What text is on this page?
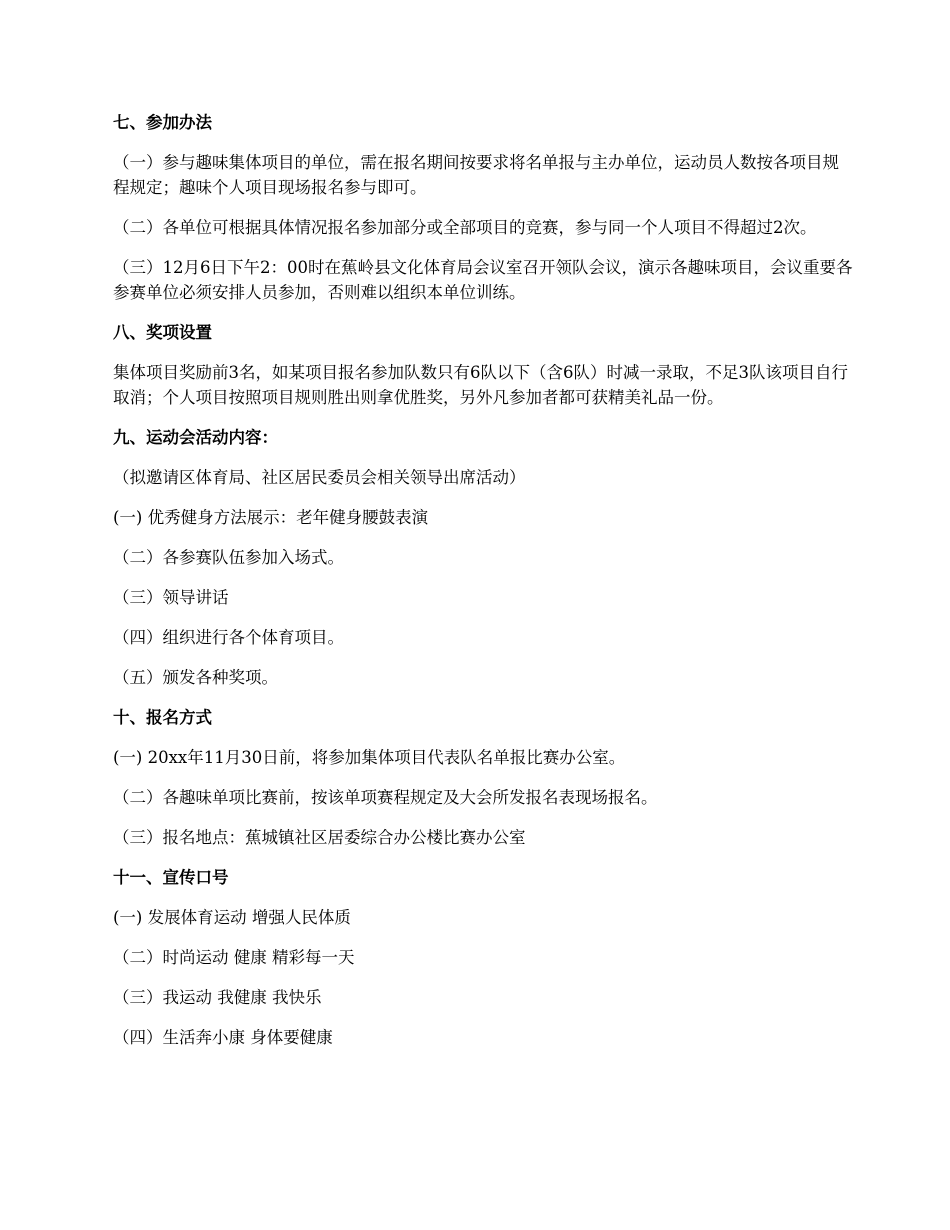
七、参加办法
（一）参与趣味集体项目的单位，需在报名期间按要求将名单报与主办单位，运动员人数按各项目规程规定；趣味个人项目现场报名参与即可。
（二）各单位可根据具体情况报名参加部分或全部项目的竞赛，参与同一个人项目不得超过2次。
（三）12月6日下午2：00时在蕉岭县文化体育局会议室召开领队会议，演示各趣味项目，会议重要各参赛单位必须安排人员参加，否则难以组织本单位训练。
八、奖项设置
集体项目奖励前3名，如某项目报名参加队数只有6队以下（含6队）时减一录取，不足3队该项目自行取消；个人项目按照项目规则胜出则拿优胜奖，另外凡参加者都可获精美礼品一份。
九、运动会活动内容：
（拟邀请区体育局、社区居民委员会相关领导出席活动）
(一) 优秀健身方法展示：老年健身腰鼓表演
（二）各参赛队伍参加入场式。
（三）领导讲话
（四）组织进行各个体育项目。
（五）颁发各种奖项。
十、报名方式
(一) 20xx年11月30日前，将参加集体项目代表队名单报比赛办公室。
（二）各趣味单项比赛前，按该单项赛程规定及大会所发报名表现场报名。
（三）报名地点：蕉城镇社区居委综合办公楼比赛办公室
十一、宣传口号
(一) 发展体育运动 增强人民体质
（二）时尚运动 健康 精彩每一天
（三）我运动 我健康 我快乐
（四）生活奔小康 身体要健康
